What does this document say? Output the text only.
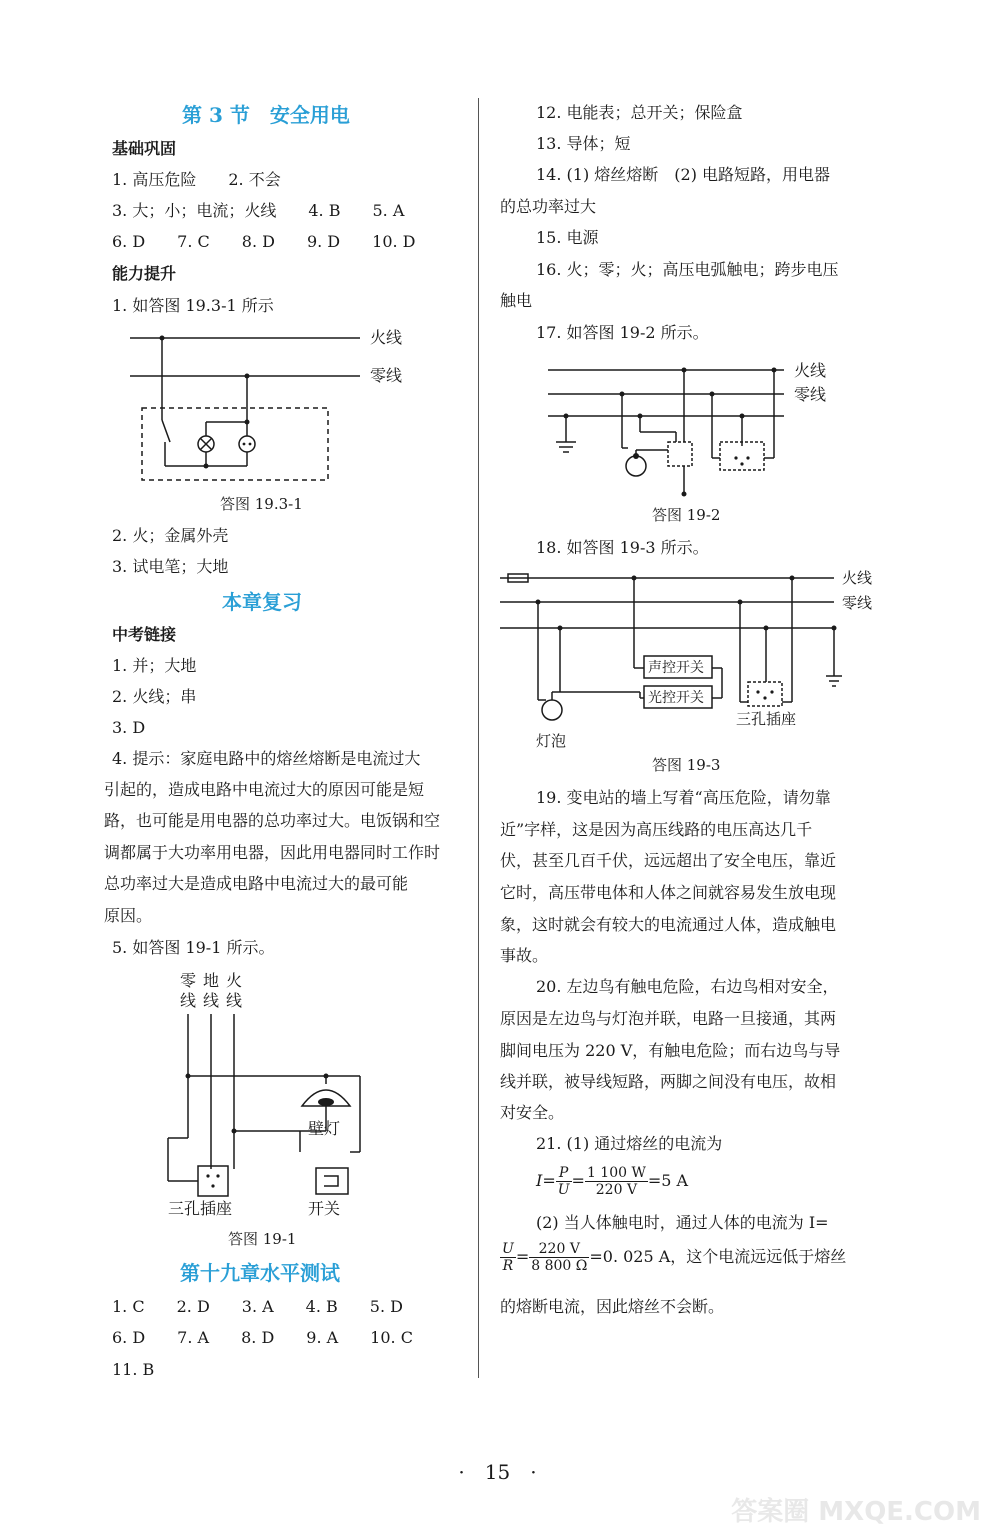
第 3 节　安全用电
基础巩固
1. 高压危险　　2. 不会
3. 大；小；电流；火线　　4. B　　5. A
6. D　　7. C　　8. D　　9. D　　10. D
能力提升
1. 如答图 19.3-1 所示
火线
零线
答图 19.3-1
2. 火；金属外壳
3. 试电笔；大地
本章复习
中考链接
1. 并；大地
2. 火线；串
3. D
4. 提示：家庭电路中的熔丝熔断是电流过大
引起的，造成电路中电流过大的原因可能是短
路，也可能是用电器的总功率过大。电饭锅和空
调都属于大功率用电器，因此用电器同时工作时
总功率过大是造成电路中电流过大的最可能
原因。
5. 如答图 19-1 所示。
零 地 火
线 线 线
壁灯
三孔插座	开关
答图 19-1
第十九章水平测试
1. C　　2. D　　3. A　　4. B　　5. D
6. D　　7. A　　8. D　　9. A　　10. C
11. B
12. 电能表；总开关；保险盒
13. 导体；短
14. (1) 熔丝熔断　(2) 电路短路，用电器
的总功率过大
15. 电源
16. 火；零；火；高压电弧触电；跨步电压
触电
17. 如答图 19-2 所示。
火线
零线
答图 19-2
18. 如答图 19-3 所示。
火线
零线
声控开关
光控开关
三孔插座
灯泡
答图 19-3
19. 变电站的墙上写着“高压危险，请勿靠
近”字样，这是因为高压线路的电压高达几千
伏，甚至几百千伏，远远超出了安全电压，靠近
它时，高压带电体和人体之间就容易发生放电现
象，这时就会有较大的电流通过人体，造成触电
事故。
20. 左边鸟有触电危险，右边鸟相对安全，
原因是左边鸟与灯泡并联，电路一旦接通，其两
脚间电压为 220 V，有触电危险；而右边鸟与导
线并联，被导线短路，两脚之间没有电压，故相
对安全。
21. (1) 通过熔丝的电流为
$I= \frac{P}{U} = \frac{1 100 W}{220 V} =5$ A
(2) 当人体触电时，通过人体的电流为 I=
$\frac{U}{R} = \frac{220 V}{8 800 \Omega} =0$. 025 A，这个电流远远低于熔丝
的熔断电流，因此熔丝不会断。
·　15　·
答案圈 MXQE.COM
